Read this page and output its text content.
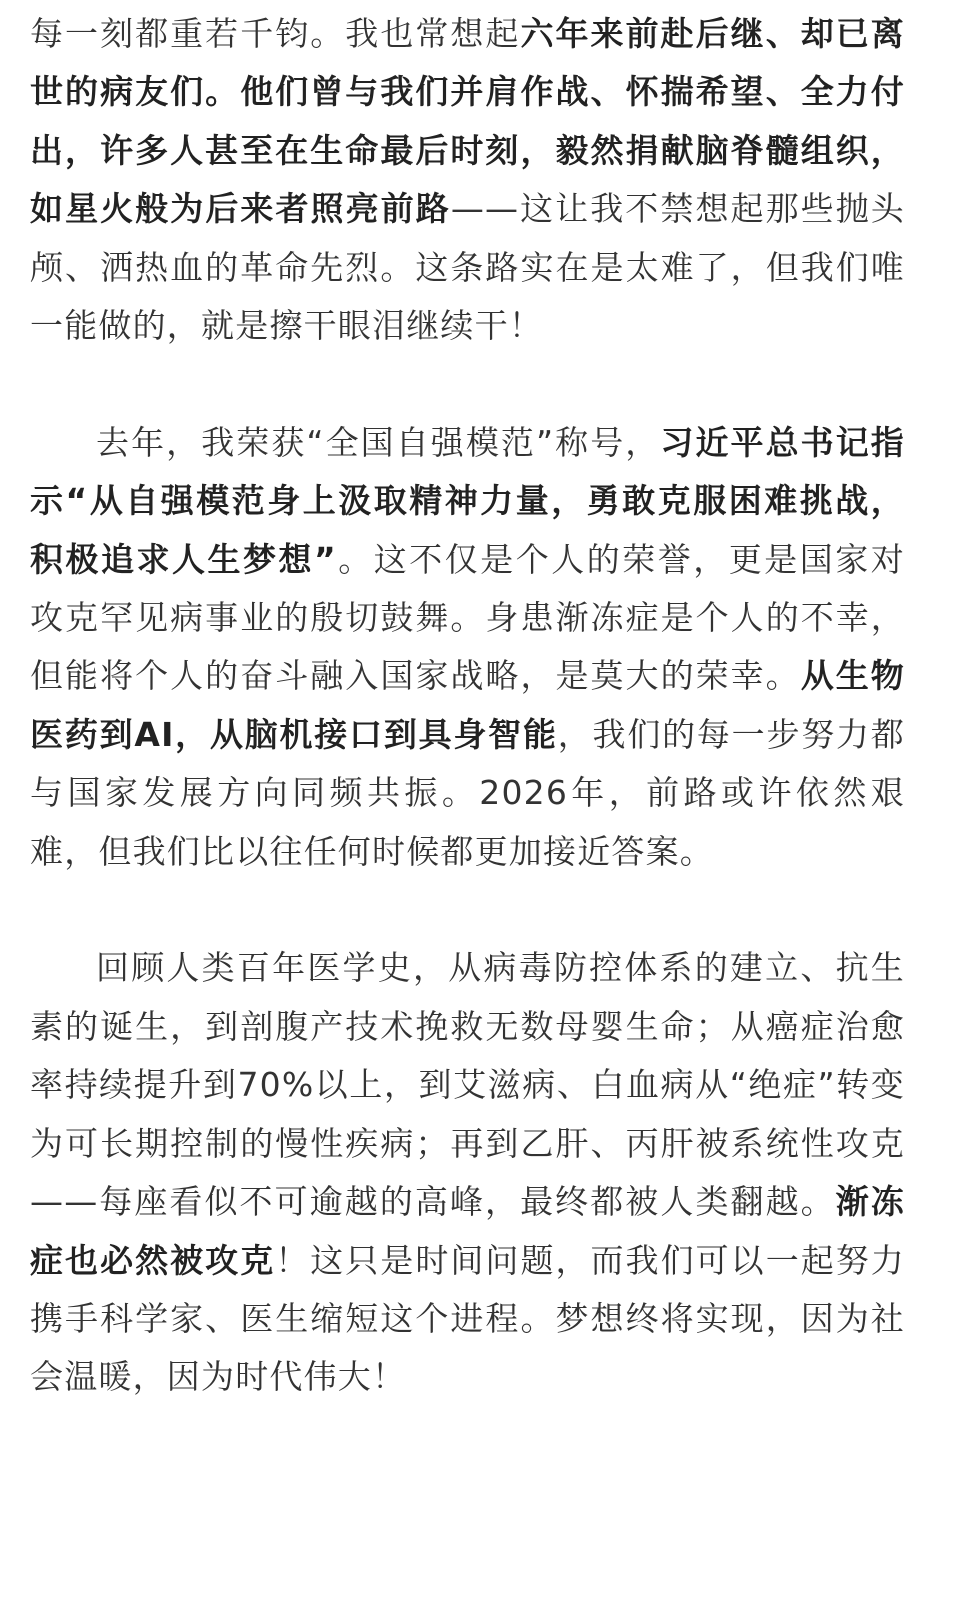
每一刻都重若千钧。我也常想起六年来前赴后继、却已离世的病友们。他们曾与我们并肩作战、怀揣希望、全力付出，许多人甚至在生命最后时刻，毅然捐献脑脊髓组织，如星火般为后来者照亮前路——这让我不禁想起那些抛头颅、洒热血的革命先烈。这条路实在是太难了，但我们唯一能做的，就是擦干眼泪继续干！

去年，我荣获“全国自强模范”称号，习近平总书记指示“从自强模范身上汲取精神力量，勇敢克服困难挑战，积极追求人生梦想”。这不仅是个人的荣誉，更是国家对攻克罕见病事业的殷切鼓舞。身患渐冻症是个人的不幸，但能将个人的奋斗融入国家战略，是莫大的荣幸。从生物医药到AI，从脑机接口到具身智能，我们的每一步努力都与国家发展方向同频共振。2026年，前路或许依然艰难，但我们比以往任何时候都更加接近答案。

回顾人类百年医学史，从病毒防控体系的建立、抗生素的诞生，到剖腹产技术挽救无数母婴生命；从癌症治愈率持续提升到70%以上，到艾滋病、白血病从“绝症”转变为可长期控制的慢性疾病；再到乙肝、丙肝被系统性攻克——每座看似不可逾越的高峰，最终都被人类翻越。渐冻症也必然被攻克！这只是时间问题，而我们可以一起努力携手科学家、医生缩短这个进程。梦想终将实现，因为社会温暖，因为时代伟大！
